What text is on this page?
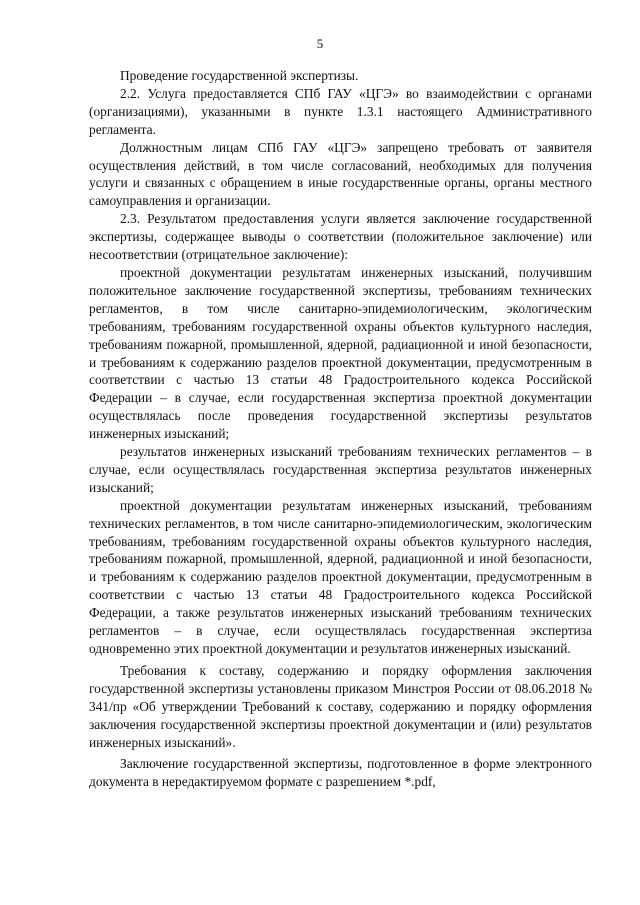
5

Проведение государственной экспертизы.

2.2. Услуга предоставляется СПб ГАУ «ЦГЭ» во взаимодействии с органами (организациями), указанными в пункте 1.3.1 настоящего Административного регламента.

Должностным лицам СПб ГАУ «ЦГЭ» запрещено требовать от заявителя осуществления действий, в том числе согласований, необходимых для получения услуги и связанных с обращением в иные государственные органы, органы местного самоуправления и организации.

2.3. Результатом предоставления услуги является заключение государственной экспертизы, содержащее выводы о соответствии (положительное заключение) или несоответствии (отрицательное заключение):

проектной документации результатам инженерных изысканий, получившим положительное заключение государственной экспертизы, требованиям технических регламентов, в том числе санитарно-эпидемиологическим, экологическим требованиям, требованиям государственной охраны объектов культурного наследия, требованиям пожарной, промышленной, ядерной, радиационной и иной безопасности, и требованиям к содержанию разделов проектной документации, предусмотренным в соответствии с частью 13 статьи 48 Градостроительного кодекса Российской Федерации – в случае, если государственная экспертиза проектной документации осуществлялась после проведения государственной экспертизы результатов инженерных изысканий;

результатов инженерных изысканий требованиям технических регламентов – в случае, если осуществлялась государственная экспертиза результатов инженерных изысканий;

проектной документации результатам инженерных изысканий, требованиям технических регламентов, в том числе санитарно-эпидемиологическим, экологическим требованиям, требованиям государственной охраны объектов культурного наследия, требованиям пожарной, промышленной, ядерной, радиационной и иной безопасности, и требованиям к содержанию разделов проектной документации, предусмотренным в соответствии с частью 13 статьи 48 Градостроительного кодекса Российской Федерации, а также результатов инженерных изысканий требованиям технических регламентов – в случае, если осуществлялась государственная экспертиза одновременно этих проектной документации и результатов инженерных изысканий.

Требования к составу, содержанию и порядку оформления заключения государственной экспертизы установлены приказом Минстроя России от 08.06.2018 № 341/пр «Об утверждении Требований к составу, содержанию и порядку оформления заключения государственной экспертизы проектной документации и (или) результатов инженерных изысканий».

Заключение государственной экспертизы, подготовленное в форме электронного документа в нередактируемом формате с разрешением *.pdf,
